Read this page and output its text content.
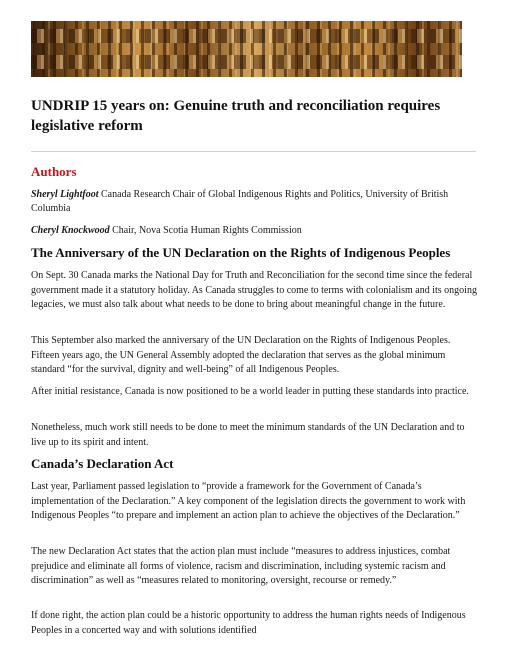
UNDRIP 15 years on: Genuine truth and reconciliation requires legislative reform
Authors

Sheryl Lightfoot Canada Research Chair of Global Indigenous Rights and Politics, University of British Columbia

Cheryl Knockwood Chair, Nova Scotia Human Rights Commission

The Anniversary of the UN Declaration on the Rights of Indigenous Peoples

On Sept. 30 Canada marks the National Day for Truth and Reconciliation for the second time since the federal government made it a statutory holiday. As Canada struggles to come to terms with colonialism and its ongoing legacies, we must also talk about what needs to be done to bring about meaningful change in the future.

This September also marked the anniversary of the UN Declaration on the Rights of Indigenous Peoples. Fifteen years ago, the UN General Assembly adopted the declaration that serves as the global minimum standard “for the survival, dignity and well-being” of all Indigenous Peoples.

After initial resistance, Canada is now positioned to be a world leader in putting these standards into practice.

Nonetheless, much work still needs to be done to meet the minimum standards of the UN Declaration and to live up to its spirit and intent.

Canada’s Declaration Act

Last year, Parliament passed legislation to “provide a framework for the Government of Canada’s implementation of the Declaration.” A key component of the legislation directs the government to work with Indigenous Peoples “to prepare and implement an action plan to achieve the objectives of the Declaration.”

The new Declaration Act states that the action plan must include “measures to address injustices, combat prejudice and eliminate all forms of violence, racism and discrimination, including systemic racism and discrimination” as well as “measures related to monitoring, oversight, recourse or remedy.”

If done right, the action plan could be a historic opportunity to address the human rights needs of Indigenous Peoples in a concerted way and with solutions identified
